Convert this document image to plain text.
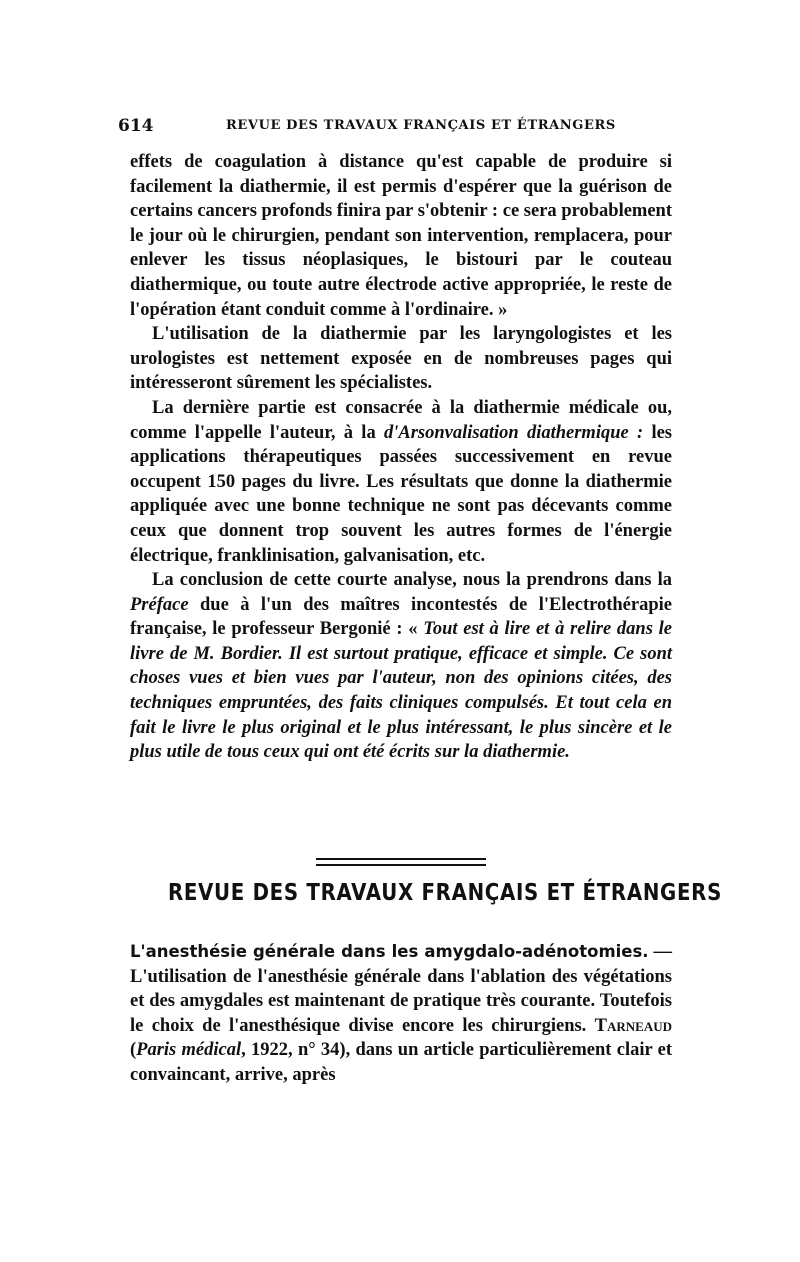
614	REVUE DES TRAVAUX FRANÇAIS ET ÉTRANGERS

effets de coagulation à distance qu'est capable de produire si facilement la diathermie, il est permis d'espérer que la guérison de certains cancers profonds finira par s'obtenir : ce sera probablement le jour où le chirurgien, pendant son intervention, remplacera, pour enlever les tissus néoplasiques, le bistouri par le couteau diathermique, ou toute autre électrode active appropriée, le reste de l'opération étant conduit comme à l'ordinaire. »

L'utilisation de la diathermie par les laryngologistes et les urologistes est nettement exposée en de nombreuses pages qui intéresseront sûrement les spécialistes.

La dernière partie est consacrée à la diathermie médicale ou, comme l'appelle l'auteur, à la d'Arsonvalisation diathermique : les applications thérapeutiques passées successivement en revue occupent 150 pages du livre. Les résultats que donne la diathermie appliquée avec une bonne technique ne sont pas décevants comme ceux que donnent trop souvent les autres formes de l'énergie électrique, franklinisation, galvanisation, etc.

La conclusion de cette courte analyse, nous la prendrons dans la Préface due à l'un des maîtres incontestés de l'Electrothérapie française, le professeur Bergonié : « Tout est à lire et à relire dans le livre de M. Bordier. Il est surtout pratique, efficace et simple. Ce sont choses vues et bien vues par l'auteur, non des opinions citées, des techniques empruntées, des faits cliniques compulsés. Et tout cela en fait le livre le plus original et le plus intéressant, le plus sincère et le plus utile de tous ceux qui ont été écrits sur la diathermie.

REVUE DES TRAVAUX FRANÇAIS ET ÉTRANGERS

L'anesthésie générale dans les amygdalo-adénotomies. — L'utilisation de l'anesthésie générale dans l'ablation des végétations et des amygdales est maintenant de pratique très courante. Toutefois le choix de l'anesthésique divise encore les chirurgiens. Tarneaud (Paris médical, 1922, n° 34), dans un article particulièrement clair et convaincant, arrive, après
